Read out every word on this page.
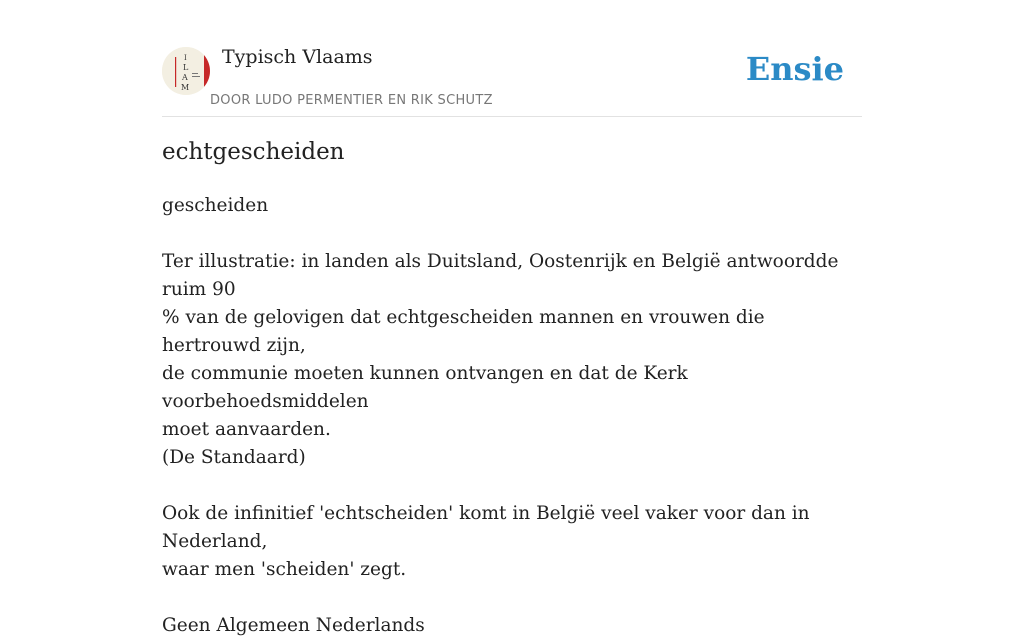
I
L
A
M
Typisch Vlaams
DOOR LUDO PERMENTIER EN RIK SCHUTZ
Ensie
echtgescheiden

gescheiden

Ter illustratie: in landen als Duitsland, Oostenrijk en België antwoordde ruim 90

% van de gelovigen dat echtgescheiden mannen en vrouwen die hertrouwd zijn,

de communie moeten kunnen ontvangen en dat de Kerk voorbehoedsmiddelen

moet aanvaarden.

(De Standaard)

Ook de infinitief 'echtscheiden' komt in België veel vaker voor dan in Nederland,

waar men 'scheiden' zegt.

Geen Algemeen Nederlands
